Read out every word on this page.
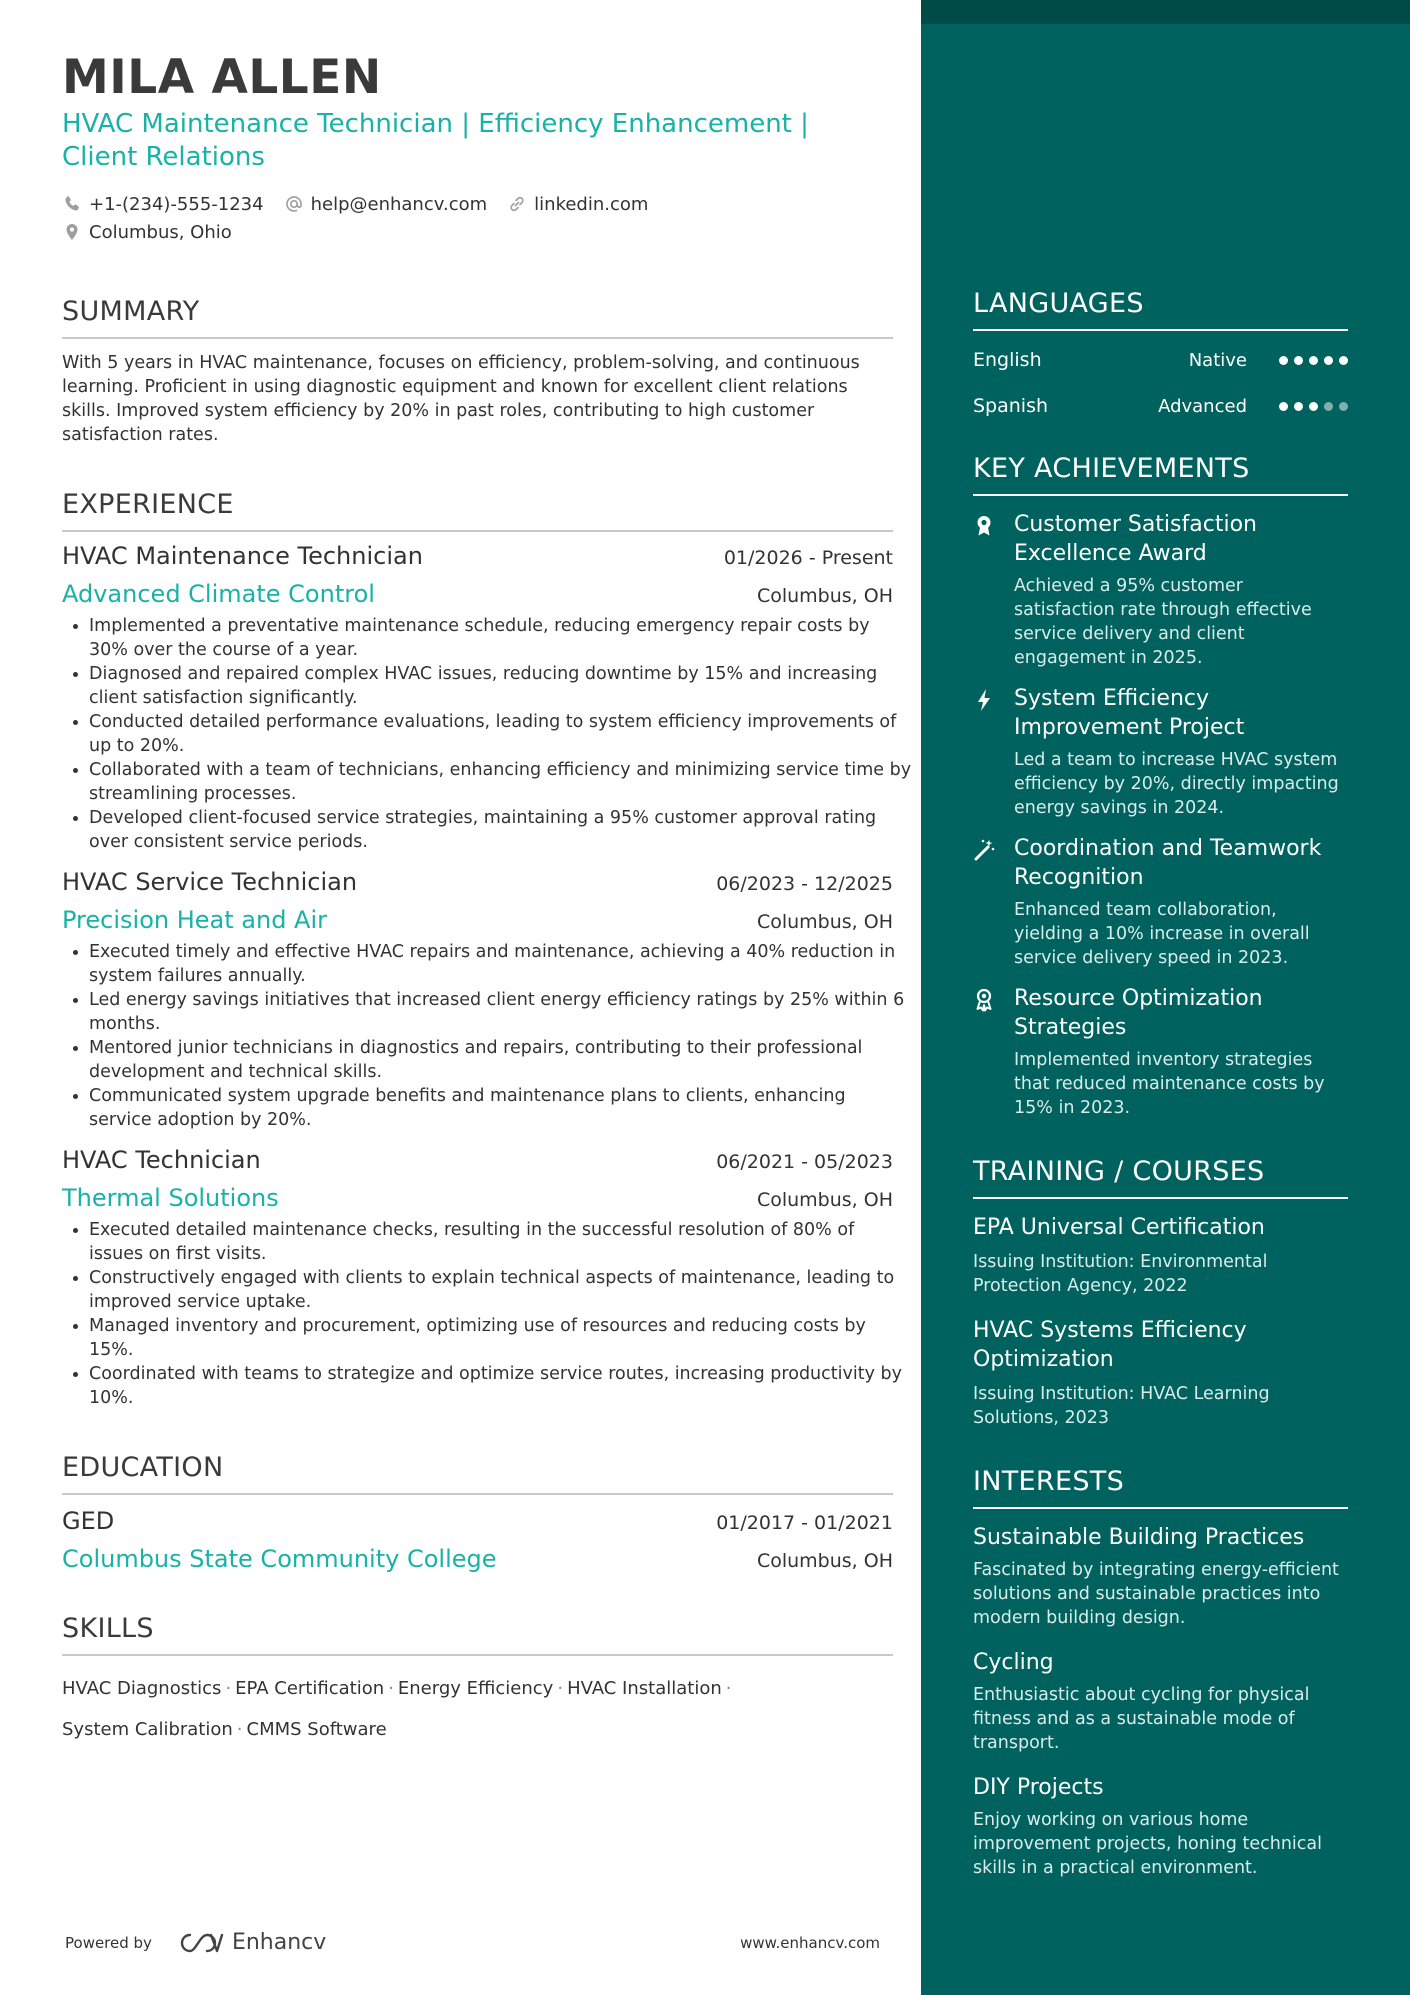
MILA ALLEN
HVAC Maintenance Technician | Efficiency Enhancement | Client Relations
+1-(234)-555-1234	help@enhancv.com	linkedin.com
Columbus, Ohio
SUMMARY
With 5 years in HVAC maintenance, focuses on efficiency, problem-solving, and continuous learning. Proficient in using diagnostic equipment and known for excellent client relations skills. Improved system efficiency by 20% in past roles, contributing to high customer satisfaction rates.
EXPERIENCE
HVAC Maintenance Technician	01/2026 - Present
Advanced Climate Control	Columbus, OH
Implemented a preventative maintenance schedule, reducing emergency repair costs by 30% over the course of a year.
Diagnosed and repaired complex HVAC issues, reducing downtime by 15% and increasing client satisfaction significantly.
Conducted detailed performance evaluations, leading to system efficiency improvements of up to 20%.
Collaborated with a team of technicians, enhancing efficiency and minimizing service time by streamlining processes.
Developed client-focused service strategies, maintaining a 95% customer approval rating over consistent service periods.
HVAC Service Technician	06/2023 - 12/2025
Precision Heat and Air	Columbus, OH
Executed timely and effective HVAC repairs and maintenance, achieving a 40% reduction in system failures annually.
Led energy savings initiatives that increased client energy efficiency ratings by 25% within 6 months.
Mentored junior technicians in diagnostics and repairs, contributing to their professional development and technical skills.
Communicated system upgrade benefits and maintenance plans to clients, enhancing service adoption by 20%.
HVAC Technician	06/2021 - 05/2023
Thermal Solutions	Columbus, OH
Executed detailed maintenance checks, resulting in the successful resolution of 80% of issues on first visits.
Constructively engaged with clients to explain technical aspects of maintenance, leading to improved service uptake.
Managed inventory and procurement, optimizing use of resources and reducing costs by 15%.
Coordinated with teams to strategize and optimize service routes, increasing productivity by 10%.
EDUCATION
GED	01/2017 - 01/2021
Columbus State Community College	Columbus, OH
SKILLS
HVAC Diagnostics · EPA Certification · Energy Efficiency · HVAC Installation ·
System Calibration · CMMS Software
Powered by	Enhancv	www.enhancv.com
LANGUAGES
English	Native
Spanish	Advanced
KEY ACHIEVEMENTS
Customer Satisfaction Excellence Award
Achieved a 95% customer satisfaction rate through effective service delivery and client engagement in 2025.
System Efficiency Improvement Project
Led a team to increase HVAC system efficiency by 20%, directly impacting energy savings in 2024.
Coordination and Teamwork Recognition
Enhanced team collaboration, yielding a 10% increase in overall service delivery speed in 2023.
Resource Optimization Strategies
Implemented inventory strategies that reduced maintenance costs by 15% in 2023.
TRAINING / COURSES
EPA Universal Certification
Issuing Institution: Environmental Protection Agency, 2022
HVAC Systems Efficiency Optimization
Issuing Institution: HVAC Learning Solutions, 2023
INTERESTS
Sustainable Building Practices
Fascinated by integrating energy-efficient solutions and sustainable practices into modern building design.
Cycling
Enthusiastic about cycling for physical fitness and as a sustainable mode of transport.
DIY Projects
Enjoy working on various home improvement projects, honing technical skills in a practical environment.
